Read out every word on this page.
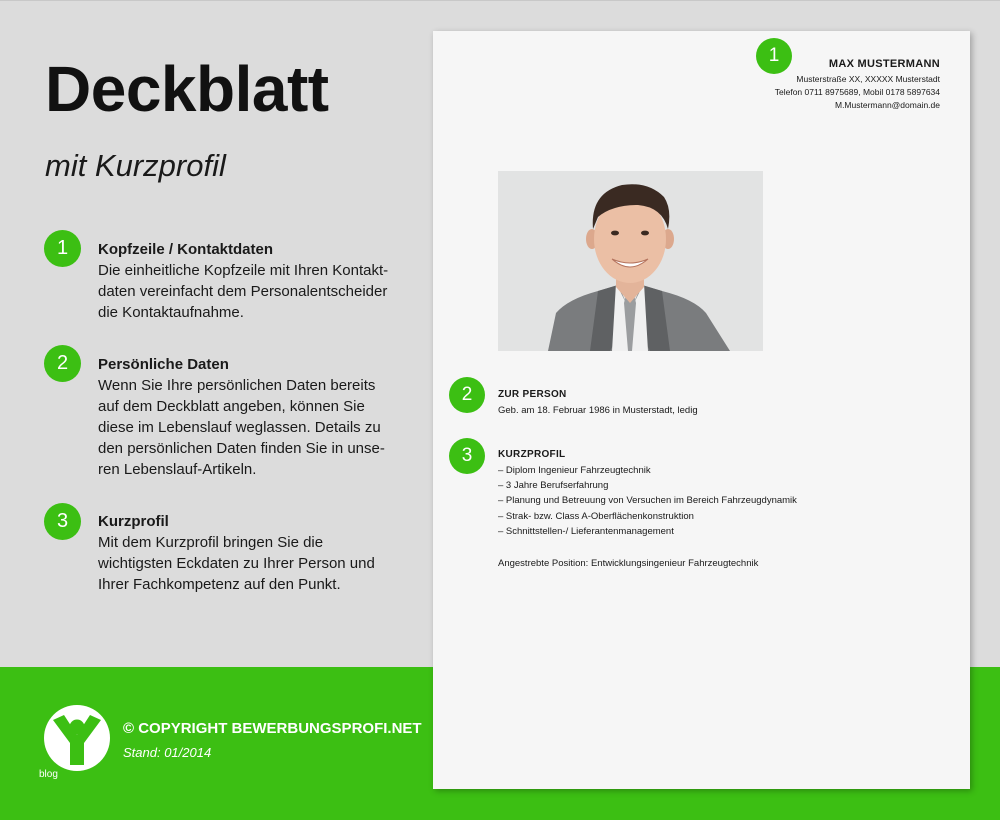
Deckblatt
mit Kurzprofil
1	Kopfzeile / Kontaktdaten

Die einheitliche Kopfzeile mit Ihren Kontakt-

daten vereinfacht dem Personalentscheider

die Kontaktaufnahme.

2	Persönliche Daten

Wenn Sie Ihre persönlichen Daten bereits

auf dem Deckblatt angeben, können Sie

diese im Lebenslauf weglassen. Details zu

den persönlichen Daten finden Sie in unse-

ren Lebenslauf-Artikeln.

3	Kurzprofil

Mit dem Kurzprofil bringen Sie die

wichtigsten Eckdaten zu Ihrer Person und

Ihrer Fachkompetenz auf den Punkt.

blog
© COPYRIGHT BEWERBUNGSPROFI.NET
Stand: 01/2014
1	MAX MUSTERMANN

Musterstraße XX, XXXXX Musterstadt

Telefon 0711 8975689, Mobil 0178 5897634

M.Mustermann@domain.de

2	ZUR PERSON

Geb. am 18. Februar 1986 in Musterstadt, ledig

3	KURZPROFIL

– Diplom Ingenieur Fahrzeugtechnik

– 3 Jahre Berufserfahrung

– Planung und Betreuung von Versuchen im Bereich Fahrzeugdynamik

– Strak- bzw. Class A-Oberflächenkonstruktion

– Schnittstellen-/ Lieferantenmanagement

Angestrebte Position: Entwicklungsingenieur Fahrzeugtechnik
